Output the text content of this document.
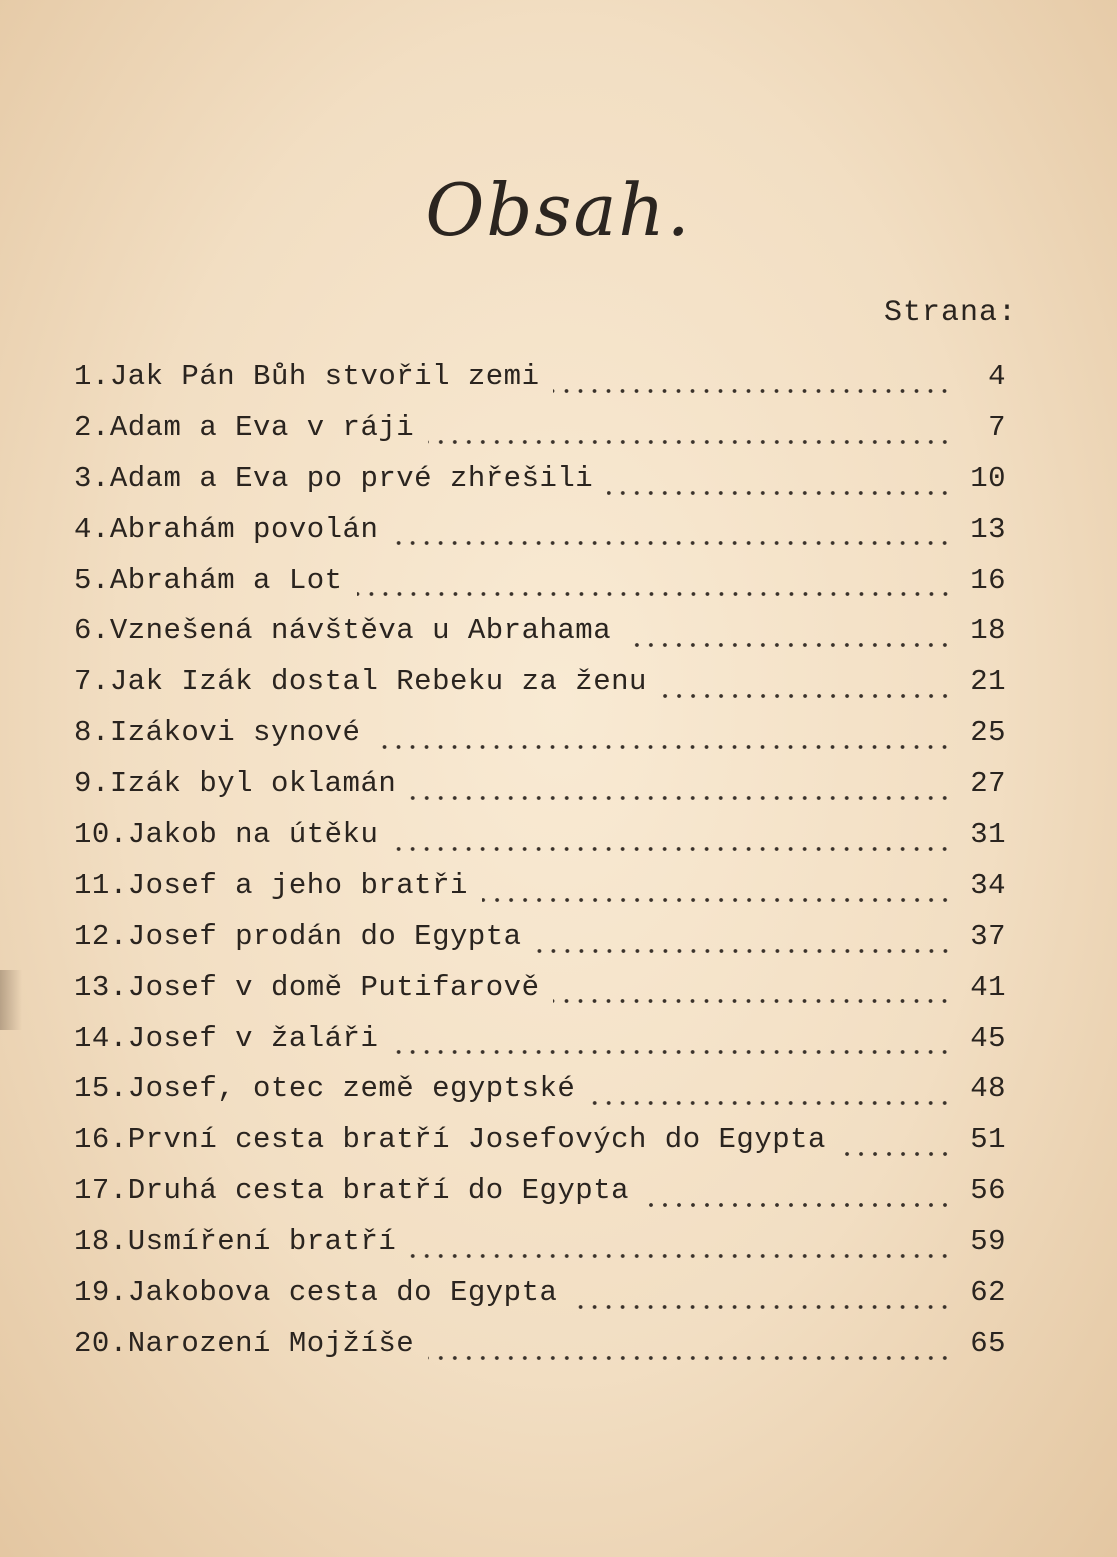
Obsah.
Strana:
1. Jak Pán Bůh stvořil zemi	4
2. Adam a Eva v ráji	7
3. Adam a Eva po prvé zhřešili	10
4. Abrahám povolán	13
5. Abrahám a Lot	16
6. Vznešená návštěva u Abrahama	18
7. Jak Izák dostal Rebeku za ženu	21
8. Izákovi synové	25
9. Izák byl oklamán	27
10. Jakob na útěku	31
11. Josef a jeho bratři	34
12. Josef prodán do Egypta	37
13. Josef v domě Putifarově	41
14. Josef v žaláři	45
15. Josef, otec země egyptské	48
16. První cesta bratří Josefových do Egypta	51
17. Druhá cesta bratří do Egypta	56
18. Usmíření bratří	59
19. Jakobova cesta do Egypta	62
20. Narození Mojžíše	65
